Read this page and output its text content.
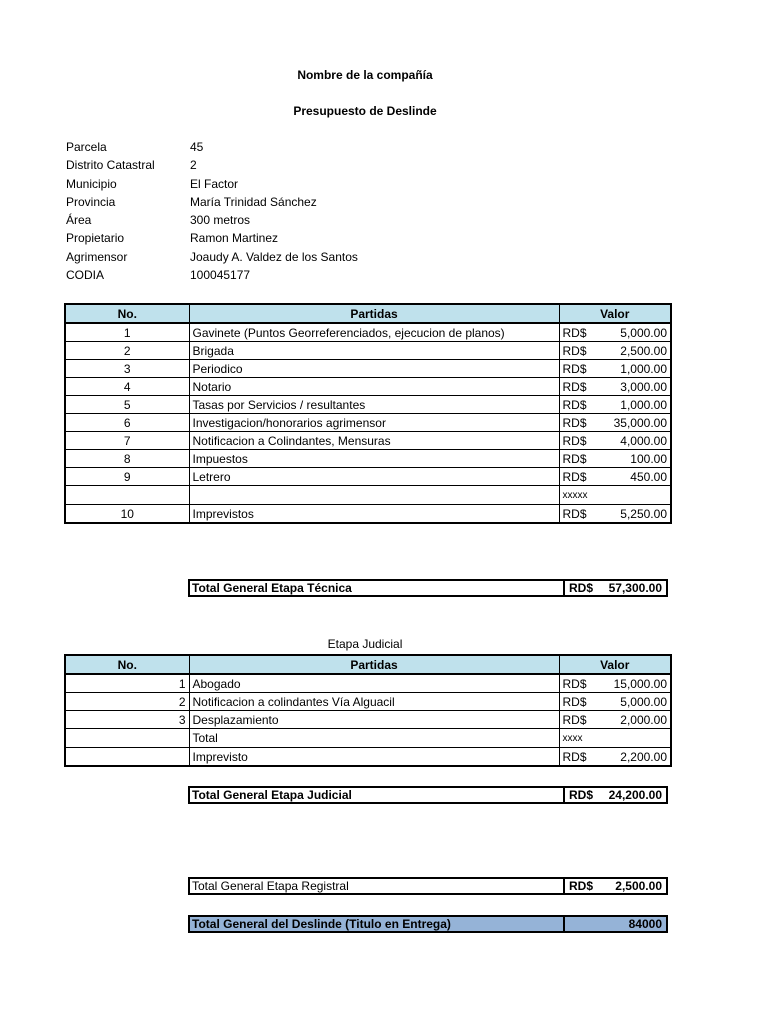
Nombre de la compañía
Presupuesto de Deslinde
Parcela	45
Distrito Catastral	2
Municipio	El Factor
Provincia	María Trinidad Sánchez
Área	300 metros
Propietario	Ramon Martinez
Agrimensor	Joaudy A. Valdez de los Santos
CODIA	100045177
No.	Partidas	Valor
1	Gavinete (Puntos Georreferenciados, ejecucion de planos)	RD$ 5,000.00

2	Brigada	RD$ 2,500.00

3	Periodico	RD$ 1,000.00

4	Notario	RD$ 3,000.00

5	Tasas por Servicios / resultantes	RD$ 1,000.00

6	Investigacion/honorarios agrimensor	RD$ 35,000.00

7	Notificacion a Colindantes, Mensuras	RD$ 4,000.00

8	Impuestos	RD$ 100.00

9	Letrero	RD$ 450.00

		xxxxx

10	Imprevistos	RD$ 5,250.00
Total General Etapa Técnica	RD$ 57,300.00
Etapa Judicial
No.	Partidas	Valor
1	Abogado	RD$ 15,000.00

2	Notificacion a colindantes Vía Alguacil	RD$ 5,000.00

3	Desplazamiento	RD$ 2,000.00

	Total	xxxx

	Imprevisto	RD$ 2,200.00
Total General Etapa Judicial	RD$ 24,200.00
Total General Etapa Registral	RD$ 2,500.00
Total General del Deslinde (Titulo en Entrega)	84000
